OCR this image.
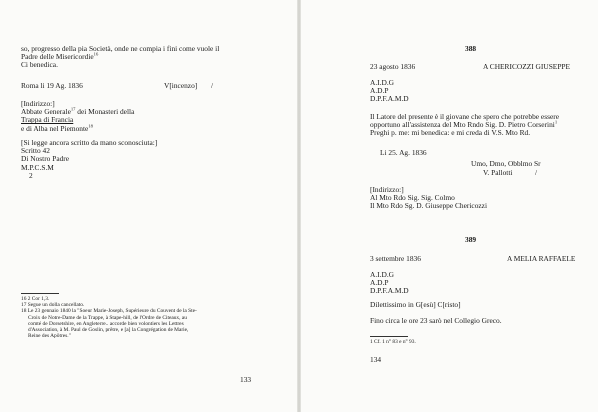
so, progresso della pia Società, onde ne compia i fini come vuole il
Padre delle Misericordie$^{16}$
Ci benedica.
Roma li 19 Ag. 1836	V[incenzo] /
[Indirizzo:]
Abbate Generale$^{17}$ dei Monasteri della
Trappa di Francia
e di Alba nel Piemonte$^{18}$
[Si legge ancora scritto da mano sconosciuta:]
Scritto 42
Di Nostro Padre
M.P.C.S.M
2
16 2 Cor 1,3.
17 Segue un dolla cancellato.
18 Le 23 gennaio 1840 la "Soeur Marie-Joseph, Supérieure du Couvent de la Ste-
Croix de Notre-Dame de la Trappe, à Stape-hill, de l'Ordre de Citeaux, au
comté de Dorsetshire, en Angleterre.. accorde bien volontiers les Lettres
d'Association, à M. Paul de Goslin, prêtre, e [a] la Congrégation de Marie,
Reine des Apôtres."
133
388
23 agosto 1836	A CHERICOZZI GIUSEPPE
A.I.D.G
A.D.P
D.P.F.A.M.D
Il Latore del presente è il giovane che spero che potrebbe essere
opportuno all'assistenza del Mto Rndo Sig. D. Pietro Corserini$^1$
Preghi p. me: mi benedica: e mi creda di V.S. Mto Rd.
Li 25. Ag. 1836
Umo, Dmo, Obblmo Sr
V. Pallotti	/
[Indirizzo:]
Al Mto Rdo Sig. Sig. Colmo
Il Mto Rdo Sg. D. Giuseppe Chericozzi
389
3 settembre 1836	A MELIA RAFFAELE
A.I.D.G
A.D.P
D.P.F.A.M.D
Dilettissimo in G[esù] C[risto]
Fino circa le ore 23 sarò nel Collegio Greco.
1 Cf. 1 n° 83 e n° 93.
134
